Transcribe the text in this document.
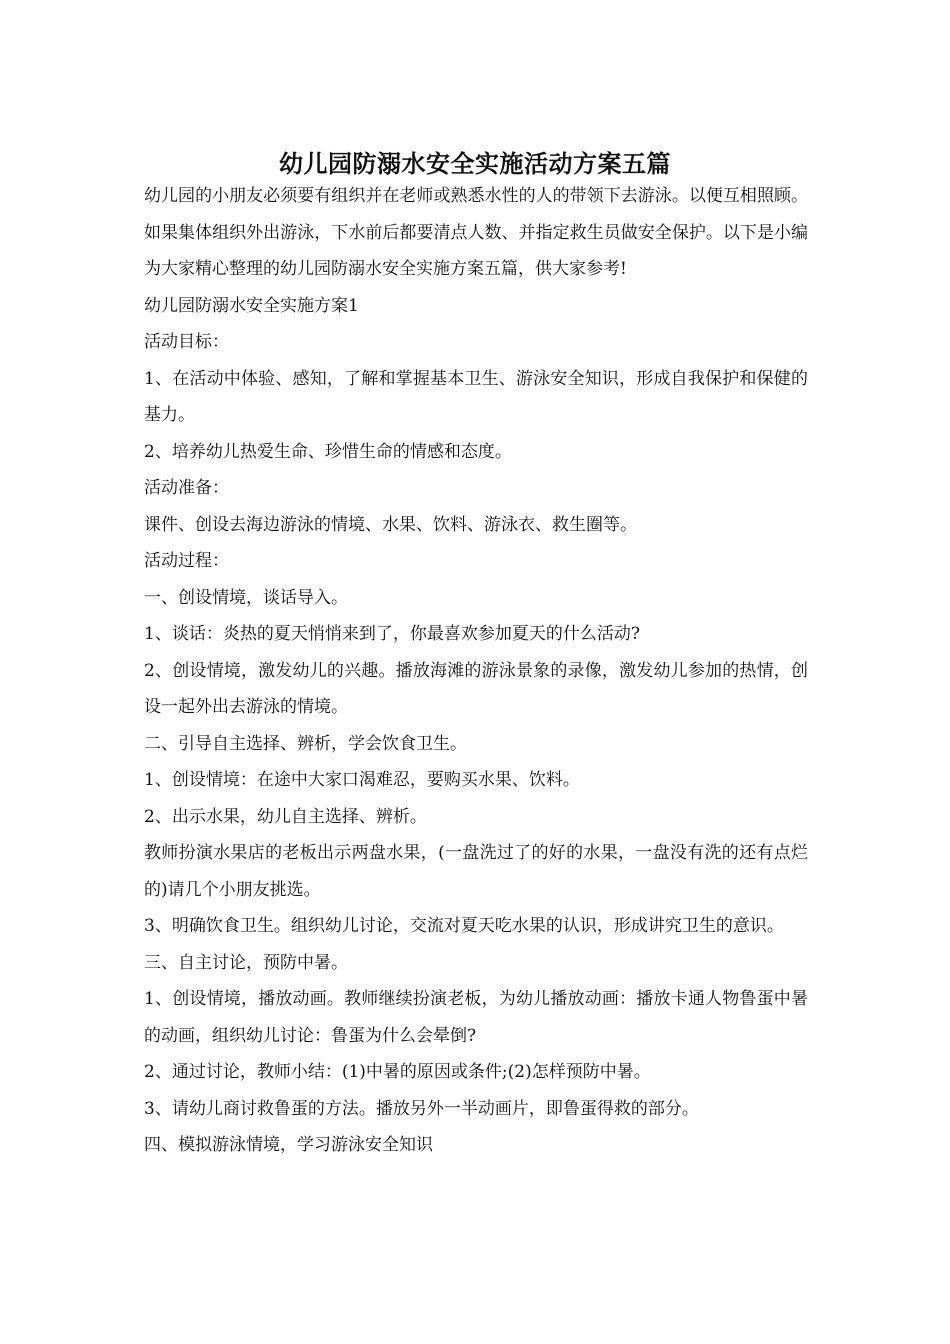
幼儿园防溺水安全实施活动方案五篇

幼儿园的小朋友必须要有组织并在老师或熟悉水性的人的带领下去游泳。以便互相照顾。如果集体组织外出游泳，下水前后都要清点人数、并指定救生员做安全保护。以下是小编为大家精心整理的幼儿园防溺水安全实施方案五篇，供大家参考!

幼儿园防溺水安全实施方案1

活动目标：

1、在活动中体验、感知，了解和掌握基本卫生、游泳安全知识，形成自我保护和保健的基力。

2、培养幼儿热爱生命、珍惜生命的情感和态度。

活动准备：

课件、创设去海边游泳的情境、水果、饮料、游泳衣、救生圈等。

活动过程：

一、创设情境，谈话导入。

1、谈话：炎热的夏天悄悄来到了，你最喜欢参加夏天的什么活动?

2、创设情境，激发幼儿的兴趣。播放海滩的游泳景象的录像，激发幼儿参加的热情，创设一起外出去游泳的情境。

二、引导自主选择、辨析，学会饮食卫生。

1、创设情境：在途中大家口渴难忍，要购买水果、饮料。

2、出示水果，幼儿自主选择、辨析。

教师扮演水果店的老板出示两盘水果，(一盘洗过了的好的水果，一盘没有洗的还有点烂的)请几个小朋友挑选。

3、明确饮食卫生。组织幼儿讨论，交流对夏天吃水果的认识，形成讲究卫生的意识。

三、自主讨论，预防中暑。

1、创设情境，播放动画。教师继续扮演老板，为幼儿播放动画：播放卡通人物鲁蛋中暑的动画，组织幼儿讨论：鲁蛋为什么会晕倒?

2、通过讨论，教师小结：(1)中暑的原因或条件;(2)怎样预防中暑。

3、请幼儿商讨救鲁蛋的方法。播放另外一半动画片，即鲁蛋得救的部分。

四、模拟游泳情境，学习游泳安全知识
